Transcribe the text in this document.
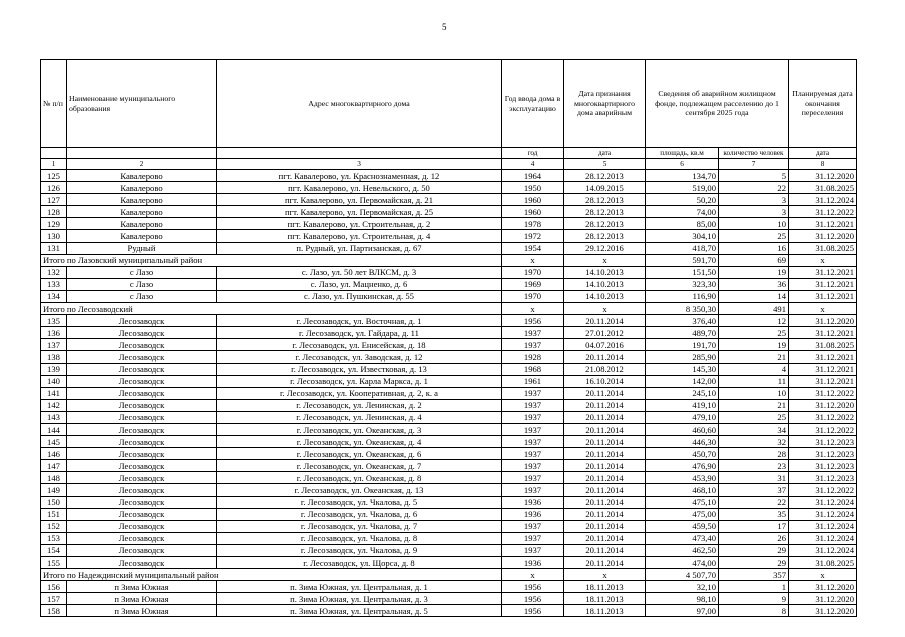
5
№ п/п	Наименование муниципального образования	Адрес многоквартирного дома	Год ввода дома в эксплуатацию	Дата признания многоквартирного дома аварийным	Сведения об аварийном жилищном фонде, подлежащем расселению до 1 сентября 2025 года		Планируемая дата окончания переселения
			год	дата	площадь, кв.м	количество человек	дата
1	2	3	4	5	6	7	8
125	Кавалерово	пгт. Кавалерово, ул. Краснознаменная, д. 12	1964	28.12.2013	134,70	5	31.12.2020
126	Кавалерово	пгт. Кавалерово, ул. Невельского, д. 50	1950	14.09.2015	519,00	22	31.08.2025
127	Кавалерово	пгт. Кавалерово, ул. Первомайская, д. 21	1960	28.12.2013	50,20	3	31.12.2024
128	Кавалерово	пгт. Кавалерово, ул. Первомайская, д. 25	1960	28.12.2013	74,00	3	31.12.2022
129	Кавалерово	пгт. Кавалерово, ул. Строительная, д. 2	1978	28.12.2013	85,00	10	31.12.2021
130	Кавалерово	пгт. Кавалерово, ул. Строительная, д. 4	1972	28.12.2013	304,10	25	31.12.2020
131	Рудный	п. Рудный, ул. Партизанская, д. 67	1954	29.12.2016	418,70	16	31.08.2025
Итого по Лазовский муниципальный район			x	x	591,70	69	x
132	с Лазо	с. Лазо, ул. 50 лет ВЛКСМ, д. 3	1970	14.10.2013	151,50	19	31.12.2021
133	с Лазо	с. Лазо, ул. Мацненко, д. 6	1969	14.10.2013	323,30	36	31.12.2021
134	с Лазо	с. Лазо, ул. Пушкинская, д. 55	1970	14.10.2013	116,90	14	31.12.2021
Итого по Лесозаводский			x	x	8 350,30	491	x
135	Лесозаводск	г. Лесозаводск, ул. Восточная, д. 1	1956	20.11.2014	376,40	12	31.12.2020
136	Лесозаводск	г. Лесозаводск, ул. Гайдара, д. 11	1937	27.01.2012	489,70	25	31.12.2021
137	Лесозаводск	г. Лесозаводск, ул. Енисейская, д. 18	1937	04.07.2016	191,70	19	31.08.2025
138	Лесозаводск	г. Лесозаводск, ул. Заводская, д. 12	1928	20.11.2014	285,90	21	31.12.2021
139	Лесозаводск	г. Лесозаводск, ул. Известковая, д. 13	1968	21.08.2012	145,30	4	31.12.2021
140	Лесозаводск	г. Лесозаводск, ул. Карла Маркса, д. 1	1961	16.10.2014	142,00	11	31.12.2021
141	Лесозаводск	г. Лесозаводск, ул. Кооперативная, д. 2, к. а	1937	20.11.2014	245,10	10	31.12.2022
142	Лесозаводск	г. Лесозаводск, ул. Ленинская, д. 2	1937	20.11.2014	419,10	21	31.12.2020
143	Лесозаводск	г. Лесозаводск, ул. Ленинская, д. 4	1937	20.11.2014	479,10	25	31.12.2022
144	Лесозаводск	г. Лесозаводск, ул. Океанская, д. 3	1937	20.11.2014	460,60	34	31.12.2022
145	Лесозаводск	г. Лесозаводск, ул. Океанская, д. 4	1937	20.11.2014	446,30	32	31.12.2023
146	Лесозаводск	г. Лесозаводск, ул. Океанская, д. 6	1937	20.11.2014	450,70	28	31.12.2023
147	Лесозаводск	г. Лесозаводск, ул. Океанская, д. 7	1937	20.11.2014	476,90	23	31.12.2023
148	Лесозаводск	г. Лесозаводск, ул. Океанская, д. 8	1937	20.11.2014	453,90	31	31.12.2023
149	Лесозаводск	г. Лесозаводск, ул. Океанская, д. 13	1937	20.11.2014	468,10	37	31.12.2022
150	Лесозаводск	г. Лесозаводск, ул. Чкалова, д. 5	1936	20.11.2014	475,10	22	31.12.2024
151	Лесозаводск	г. Лесозаводск, ул. Чкалова, д. 6	1936	20.11.2014	475,00	35	31.12.2024
152	Лесозаводск	г. Лесозаводск, ул. Чкалова, д. 7	1937	20.11.2014	459,50	17	31.12.2024
153	Лесозаводск	г. Лесозаводск, ул. Чкалова, д. 8	1937	20.11.2014	473,40	26	31.12.2024
154	Лесозаводск	г. Лесозаводск, ул. Чкалова, д. 9	1937	20.11.2014	462,50	29	31.12.2024
155	Лесозаводск	г. Лесозаводск, ул. Щорса, д. 8	1936	20.11.2014	474,00	29	31.08.2025
Итого по Надеждинский муниципальный район			x	x	4 507,70	357	x
156	п Зима Южная	п. Зима Южная, ул. Центральная, д. 1	1956	18.11.2013	32,10	1	31.12.2020
157	п Зима Южная	п. Зима Южная, ул. Центральная, д. 3	1956	18.11.2013	98,10	9	31.12.2020
158	п Зима Южная	п. Зима Южная, ул. Центральная, д. 5	1956	18.11.2013	97,00	8	31.12.2020
